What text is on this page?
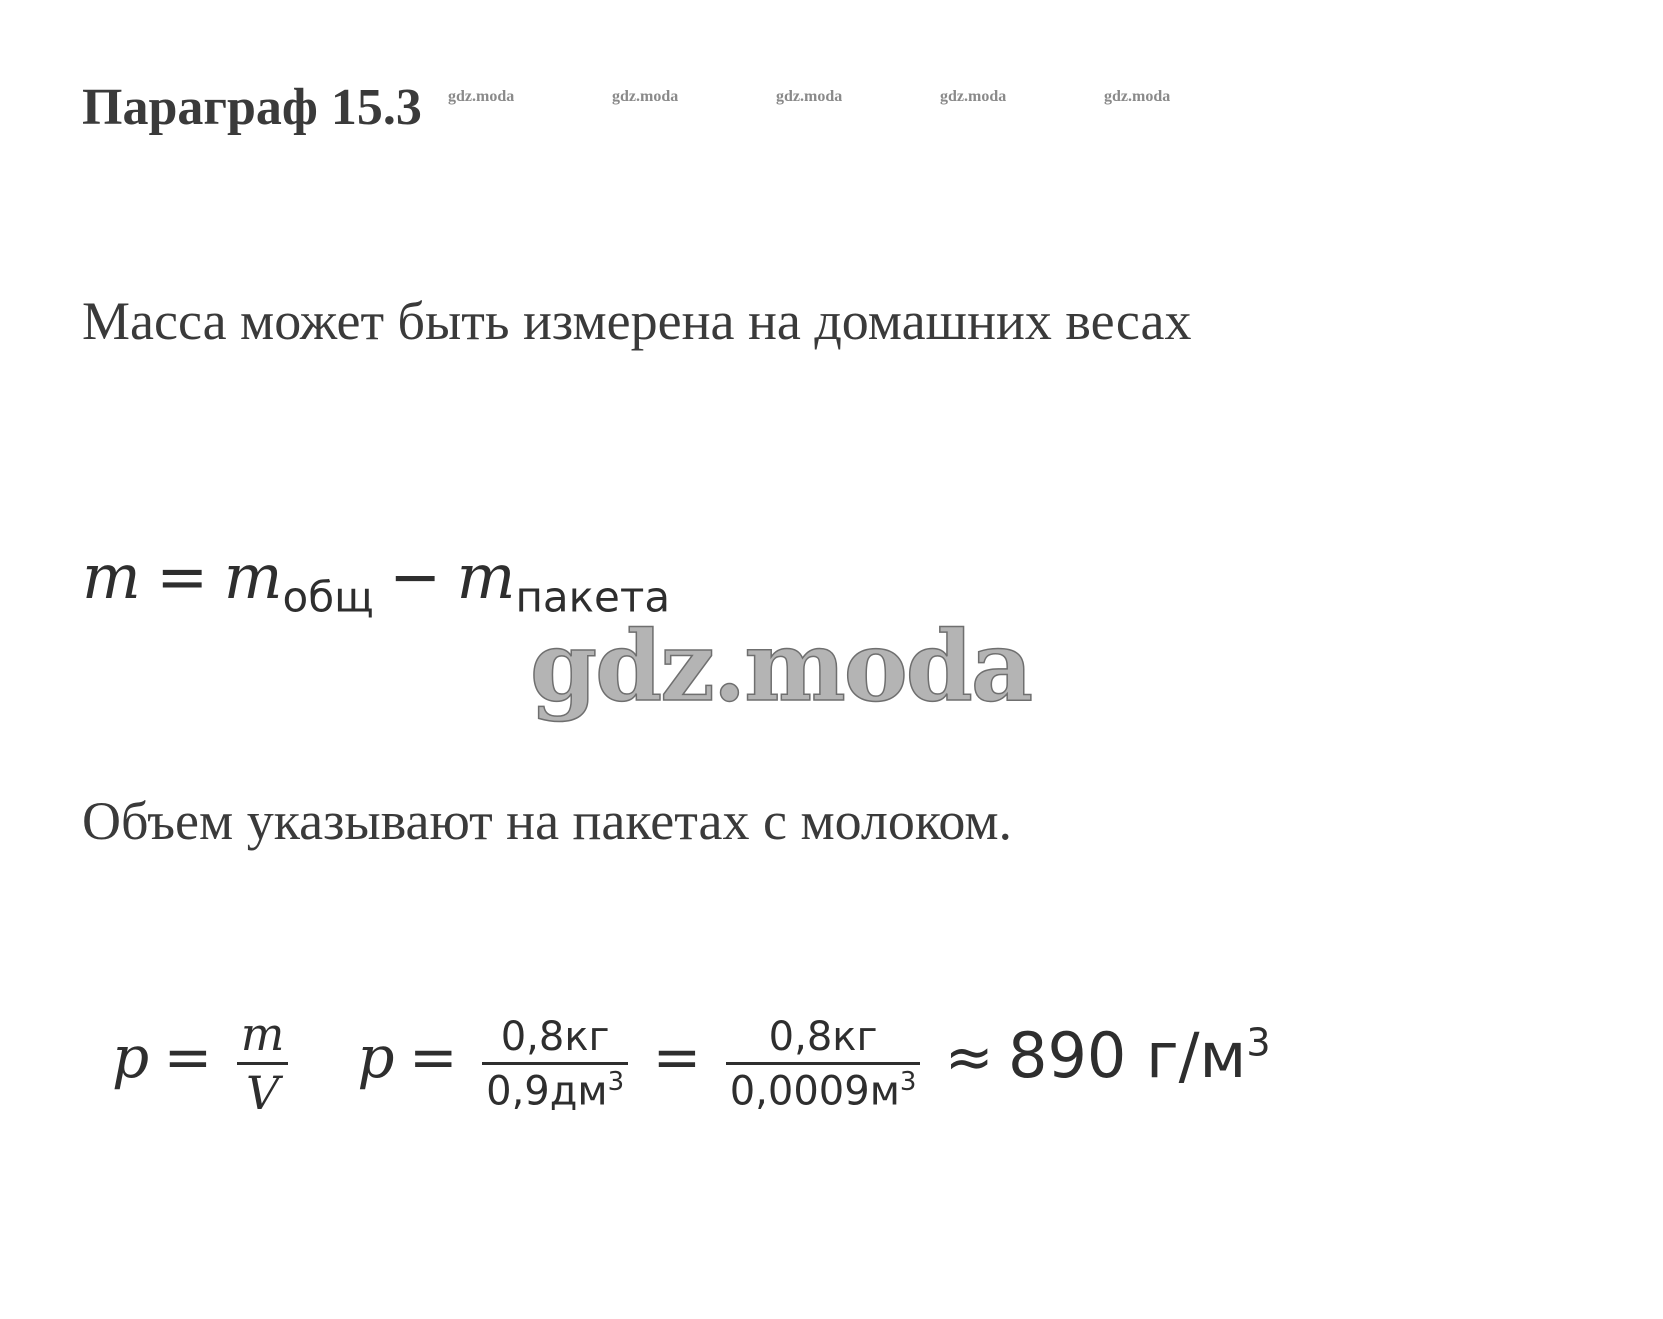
Параграф 15.3 gdz.moda	gdz.moda	gdz.moda	gdz.moda	gdz.moda
Масса может быть измерена на домашних весах
$m = m_{общ} - m_{пакета}$
gdz.moda
Объем указывают на пакетах с молоком.
$p = \frac{m}{V}$ $p = \frac{0,8кг}{0,9дм^3} = \frac{0,8кг}{0,0009м^3} \approx 890$ $г/м^3$
